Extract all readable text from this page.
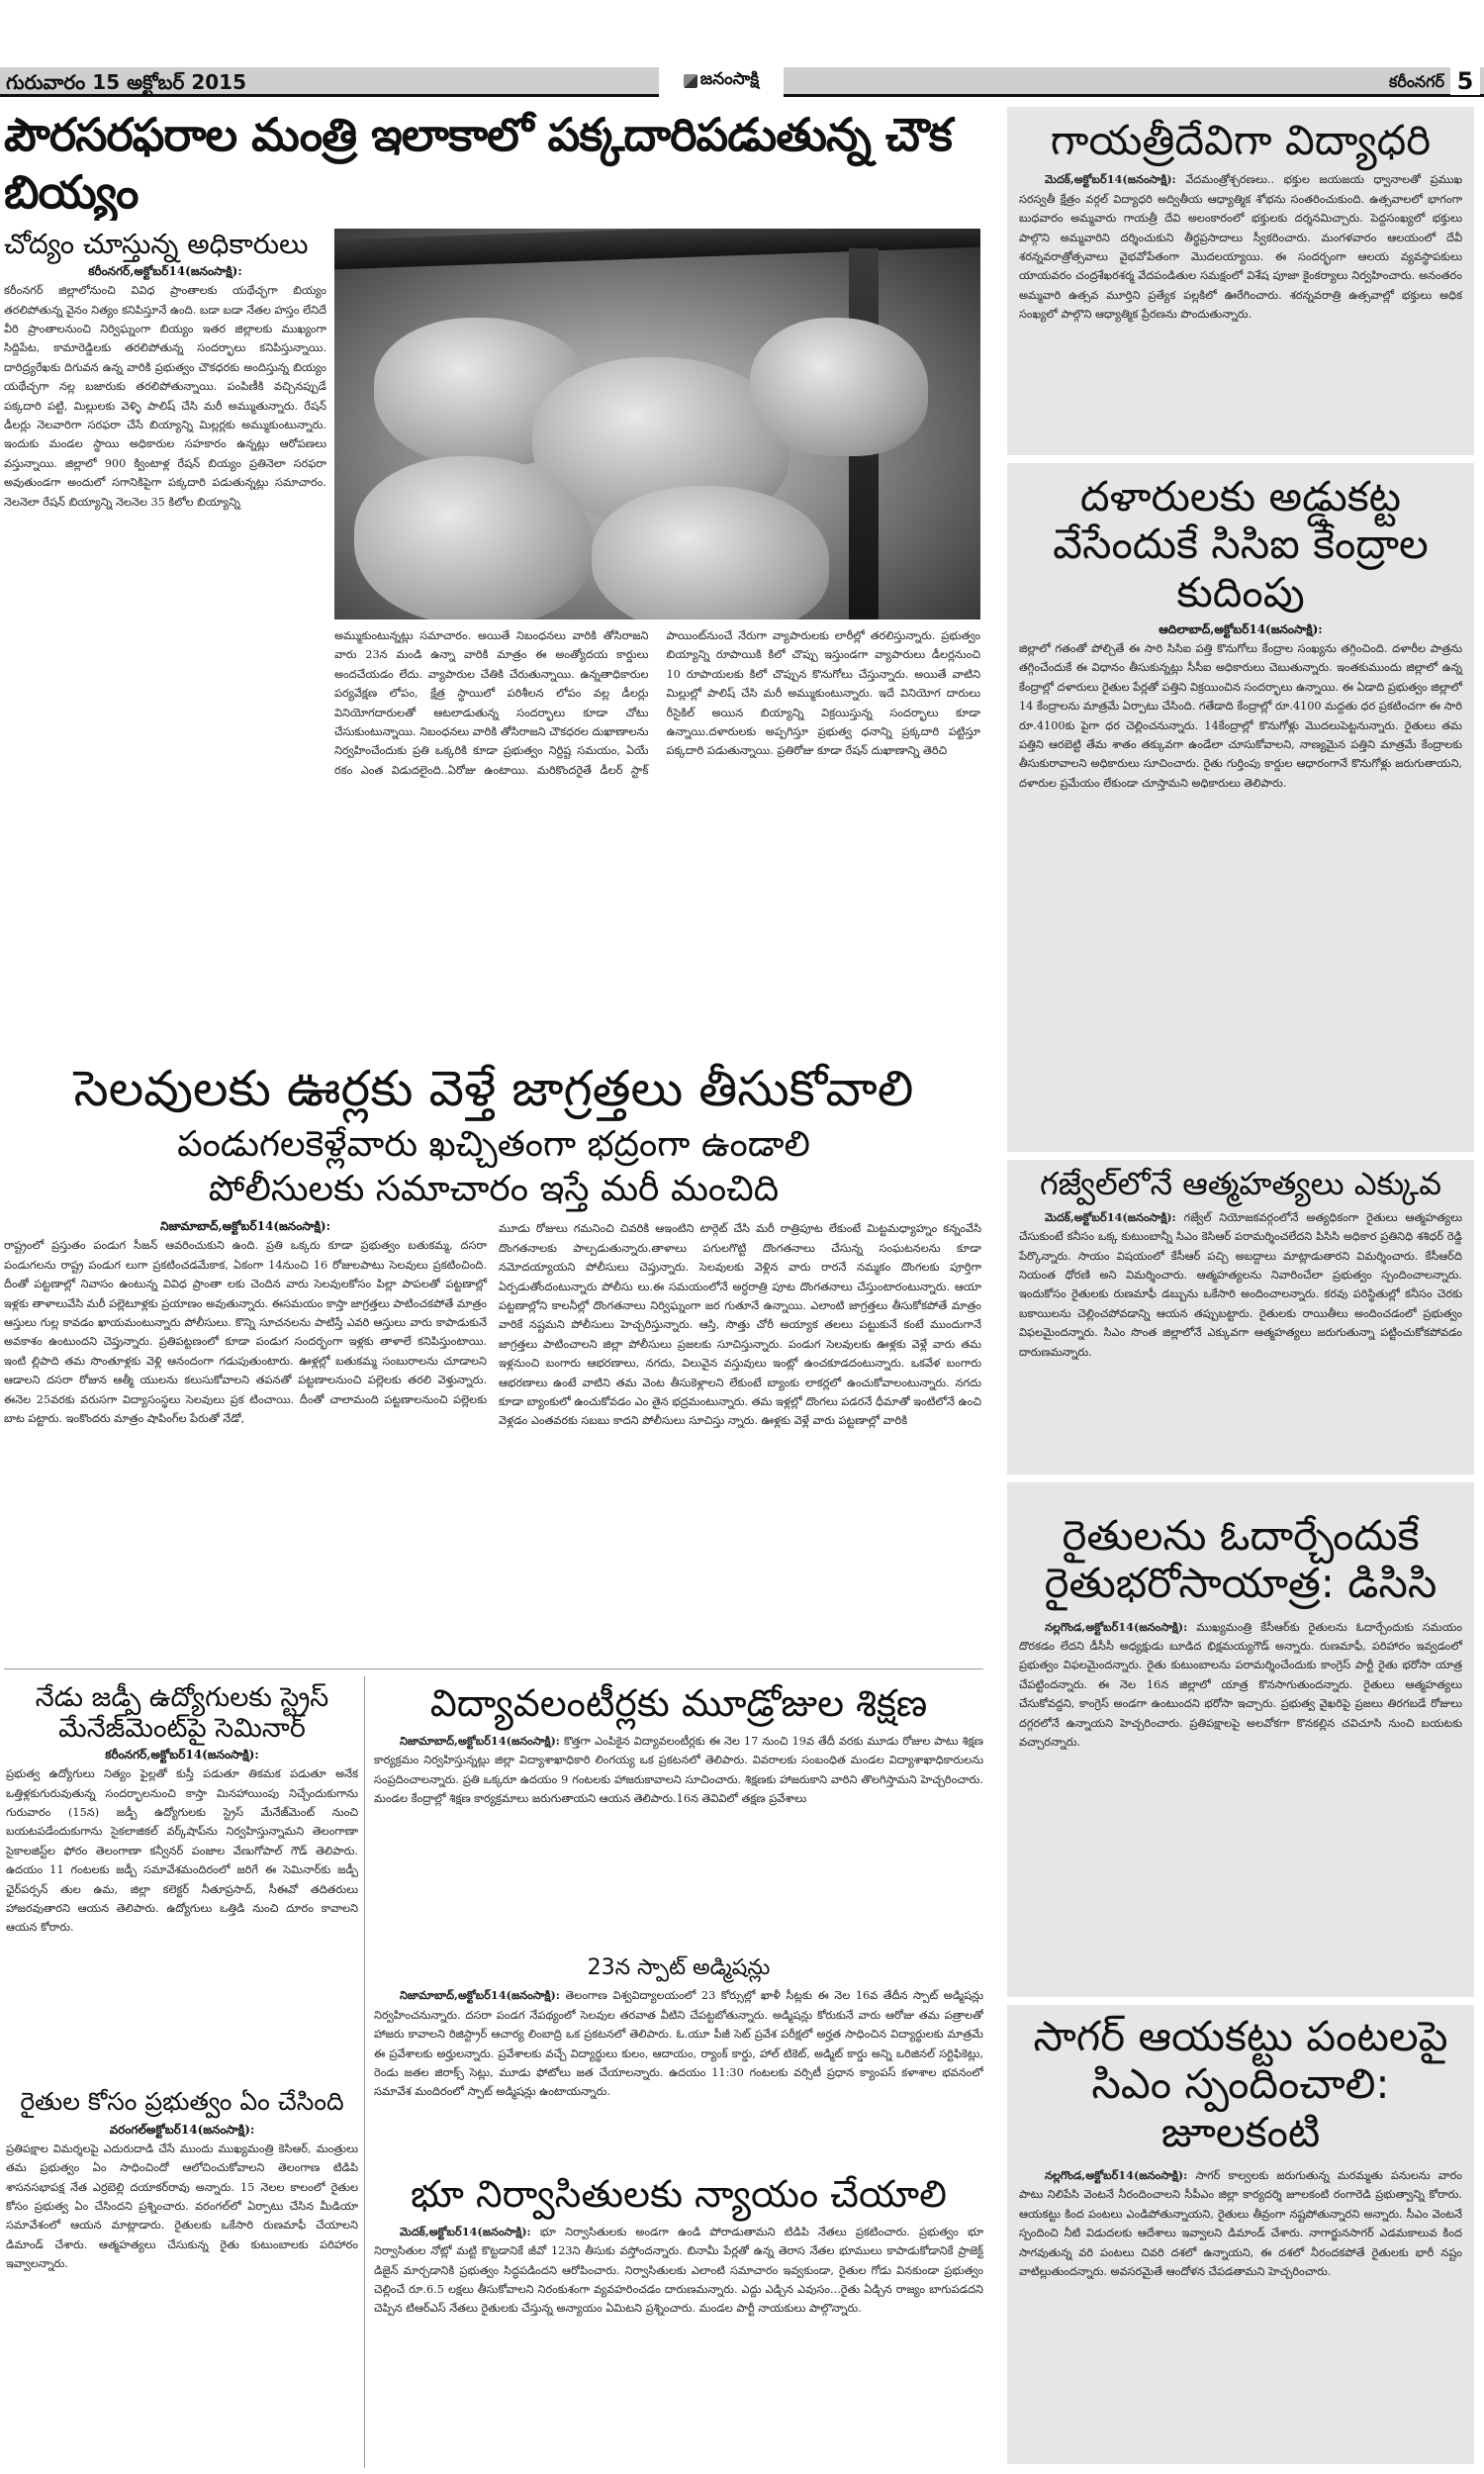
గురువారం 15 అక్టోబర్ 2015	జనంసాక్షి	కరీంనగర్ 5
పౌరసరఫరాల మంత్రి ఇలాకాలో పక్కదారిపడుతున్న చౌక బియ్యం
చోద్యం చూస్తున్న అధికారులు
కరీంనగర్,అక్టోబర్14(జనంసాక్షి):
కరీంనగర్ జిల్లాలోనుంచి వివిధ ప్రాంతాలకు యథేచ్ఛగా బియ్యం తరలిపోతున్న వైనం నిత్యం కనిపిస్తూనే ఉంది. బడా బడా నేతల హస్తం లేనిదే వీరి ప్రాంతాలనుంచి నిర్విఘ్నంగా బియ్యం ఇతర జిల్లాలకు ముఖ్యంగా సిద్దిపేట, కామారెడ్డిలకు తరలిపోతున్న సందర్భాలు కనిపిస్తున్నాయి. దారిద్ర్యరేఖకు దిగువన ఉన్న వారికి ప్రభుత్వం చౌకధరకు అందిస్తున్న బియ్యం యథేచ్ఛగా నల్ల బజారుకు తరలిపోతున్నాయి. పంపిణీకి వచ్చినప్పుడే పక్కదారి పట్టి, మిల్లులకు వెళ్ళి పాలిష్ చేసి మరీ అమ్ముతున్నారు. రేషన్ డీలర్లు నెలవారిగా సరఫరా చేసే బియ్యాన్ని మిల్లర్లకు అమ్ముకుంటున్నారు. ఇందుకు మండల స్థాయి అధికారుల సహకారం ఉన్నట్లు ఆరోపణలు వస్తున్నాయి. జిల్లాలో 900 క్వింటాళ్ల రేషన్ బియ్యం ప్రతినెలా సరఫరా అవుతుండగా అందులో సగానికిపైగా పక్కదారి పడుతున్నట్లు సమాచారం. నెలనెలా రేషన్ బియ్యాన్ని నెలనెల 35 కిలోల బియ్యాన్ని
అమ్ముకుంటున్నట్లు సమాచారం. అయితే నిబంధనలు వారికి తోసిరాజని వారు 23న మండి ఉన్నా వారికి మాత్రం ఈ అంత్యోదయ కార్డులు అందచేయడం లేదు. వ్యాపారుల చేతికి చేరుతున్నాయి. ఉన్నతాధికారుల పర్యవేక్షణ లోపం, క్షేత్ర స్థాయిలో పరిశీలన లోపం వల్ల డీలర్లు వినియోగదారులతో ఆటలాడుతున్న సందర్భాలు కూడా చోటు చేసుకుంటున్నాయి. నిబంధనలు వారికి తోసిరాజని చౌకధరల దుఖాణాలను నిర్వహించేందుకు ప్రతి ఒక్కరికి కూడా ప్రభుత్వం నిర్దిష్ట సమయం, ఏయే రకం ఎంత విడుదలైంది..ఏరోజు ఉంటాయి. మరికొందరైతే డీలర్ స్టాక్ పాయింట్‌నుంచే నేరుగా వ్యాపారులకు లారీల్లో తరలిస్తున్నారు. ప్రభుత్వం బియ్యాన్ని రూపాయికి కిలో చొప్పు ఇస్తుండగా వ్యాపారులు డీలర్లనుంచి 10 రూపాయలకు కిలో చొప్పున కొనుగోలు చేస్తున్నారు. అయితే వాటిని మిల్లుల్లో పాలిష్ చేసి మరీ అమ్ముకుంటున్నారు. ఇదే వినియోగ దారులు రీసైకిల్ అయిన బియ్యాన్ని విక్రయిస్తున్న సందర్భాలు కూడా ఉన్నాయి.దళారులకు అప్పగిస్తూ ప్రభుత్వ ధనాన్ని ప్రక్కదారి పట్టిస్తూ పక్కదారి పడుతున్నాయి. ప్రతిరోజు కూడా రేషన్ దుఖాణాన్ని తెరిచి
సెలవులకు ఊర్లకు వెళ్తే జాగ్రత్తలు తీసుకోవాలి
పండుగలకెళ్లేవారు ఖచ్చితంగా భద్రంగా ఉండాలి
పోలీసులకు సమాచారం ఇస్తే మరీ మంచిది
నిజామాబాద్,అక్టోబర్14(జనంసాక్షి):
రాష్ట్రంలో ప్రస్తుతం పండుగ సీజన్ ఆవరించుకుని ఉంది. ప్రతి ఒక్కరు కూడా ప్రభుత్వం బతుకమ్మ, దసరా పండుగలను రాష్ట్ర పండుగ లుగా ప్రకటించడమేకాక, ఏకంగా 14నుంచి 16 రోజులపాటు సెలవులు ప్రకటించింది. దీంతో పట్టణాల్లో నివాసం ఉంటున్న వివిధ ప్రాంతా లకు చెందిన వారు సెలవులకోసం పిల్లా పాపలతో పట్టణాల్లో ఇళ్లకు తాళాలువేసి మరీ పల్లెటూళ్లకు ప్రయాణం అవుతున్నారు. ఈసమయం కాస్తా జాగ్రత్తలు పాటించకపోతే మాత్రం ఆస్తులు గుల్ల కావడం ఖాయమంటున్నారు పోలీసులు. కొన్ని సూచనలను పాటిస్తే ఎవరి ఆస్తులు వారు కాపాడుకునే అవకాశం ఉంటుందని చెప్తున్నారు. ప్రతిపట్టణంలో కూడా పండుగ సందర్భంగా ఇళ్లకు తాళాలే కనిపిస్తుంటాయి. ఇంటి ల్లిపాది తమ సొంతూళ్లకు వెళ్లి ఆనందంగా గడుపుతుంటారు. ఊళ్లల్లో బతుకమ్మ సంబురాలను చూడాలని ఆడాలని దసరా రోజున ఆత్మీ యులను కలుసుకోవాలని తపనతో పట్టణాలనుంచి పల్లెలకు తరలి వెళ్తున్నారు. ఈనెల 25వరకు వరుసగా విద్యాసంస్థలు సెలవులు ప్రక టించాయి. దీంతో చాలామంది పట్టణాలనుంచి పల్లెలకు బాట పట్టారు. ఇంకొందరు మాత్రం షాపింగ్‌ల పేరుతో నేడో,
మూడు రోజులు గమనించి చివరికి ఆఇంటిని టార్గెట్ చేసి మరీ రాత్రిపూట లేకుంటే మిట్టమధ్యాహ్నం కన్నంవేసి దొంగతనాలకు పాల్పడుతున్నారు.తాళాలు పగులగొట్టి దొంగతనాలు చేసున్న సంఘటనలను కూడా నమోదయ్యాయని పోలీసులు చెప్తున్నారు. సెలవులకు వెళ్లిన వారు రారనే నమ్మకం దొంగలకు పూర్తిగా ఏర్పడుతోందంటున్నారు పోలీసు లు.ఈ సమయంలోనే అర్ధరాత్రి పూట దొంగతనాలు చేస్తుంటారంటున్నారు. ఆయా పట్టణాల్లోని కాలనీల్లో దొంగతనాలు నిర్విఘ్నంగా జర గుతూనే ఉన్నాయి. ఎలాంటి జాగ్రత్తలు తీసుకోకపోతే మాత్రం వారికే నష్టమని పోలీసులు హెచ్చరిస్తున్నారు. ఆస్తి, సొత్తు చోరీ అయ్యాక తలలు పట్టుకునే కంటే ముందుగానే జాగ్రత్తలు పాటించాలని జిల్లా పోలీసులు ప్రజలకు సూచిస్తున్నారు. పండుగ సెలవులకు ఊళ్లకు వెళ్లే వారు తమ ఇళ్లనుంచి బంగారు ఆభరణాలు, నగదు, విలువైన వస్తువులు ఇంట్లో ఉంచకూడదంటున్నారు. ఒకవేళ బంగారు ఆభరణాలు ఉంటే వాటిని తమ వెంట తీసుకెళ్లాలని లేకుంటే బ్యాంకు లాకర్లలో ఉంచుకోవాలంటున్నారు. నగదు కూడా బ్యాంకులో ఉంచుకోవడం ఎం తైన భద్రమంటున్నారు. తమ ఇళ్లల్లో దొంగలు పడరనే ధీమాతో ఇంటిలోనే ఉంచి వెళ్లడం ఎంతవరకు సబబు కాదని పోలీసులు సూచిస్తు న్నారు. ఊళ్లకు వెళ్లే వారు పట్టణాల్లో వారికి
నేడు జడ్పీ ఉద్యోగులకు స్ట్రెస్ మేనేజ్‌మెంట్‌పై సెమినార్
కరీంనగర్,అక్టోబర్14(జనంసాక్షి):
ప్రభుత్వ ఉద్యోగులు నిత్యం ఫైల్లతో కుస్తీ పడుతూ తికమక పడుతూ అనేక ఒత్తిళ్లకుగురువుతున్న సందర్భాలనుంచి కాస్తా మినహాయింపు నిచ్చేందుకుగాను గురువారం (15న) జడ్పీ ఉద్యోగులకు స్ట్రెస్ మేనేజ్‌మెంట్ నుంచి బయటపడేందుకుగాను సైకలాజికల్ వర్క్‌షాప్‌ను నిర్వహిస్తున్నామని తెలంగాణా సైకాలజిస్ట్‌ల ఫోరం తెలంగాణా కన్వీనర్ పంజాల వేణుగోపాల్ గౌడ్ తెలిపారు. ఉదయం 11 గంటలకు జడ్పీ సమావేశమందిరంలో జరిగే ఈ సెమినార్‌కు జడ్పీ ఛైర్‌పర్సన్ తుల ఉమ, జిల్లా కలెక్టర్ నీతూప్రసాద్, సీఈవో తదితరులు హాజరవుతారని ఆయన తెలిపారు. ఉద్యోగులు ఒత్తిడి నుంచి దూరం కావాలని ఆయన కోరారు.
రైతుల కోసం ప్రభుత్వం ఏం చేసింది
వరంగల్‌అక్టోబర్14(జనంసాక్షి):
ప్రతిపక్షాల విమర్శలపై ఎదురుదాడి చేసే ముందు ముఖ్యమంత్రి కెసిఆర్, మంత్రులు తమ ప్రభుత్వం ఏం సాధించిందో ఆలోచించుకోవాలని తెలంగాణ టిడిపి శాసనసభాపక్ష నేత ఎర్రబెల్లి దయాకర్‌రావు అన్నారు. 15 నెలల కాలంలో రైతుల కోసం ప్రభుత్వ ఏం చేసిందని ప్రశ్నించారు. వరంగల్‌లో ఏర్పాటు చేసిన మీడియా సమావేశంలో ఆయన మాట్లాడారు. రైతులకు ఒకేసారి రుణమాఫీ చేయాలని డిమాండ్ చేశారు. ఆత్మహత్యలు చేసుకున్న రైతు కుటుంబాలకు పరిహారం ఇవ్వాలన్నారు.
విద్యావలంటీర్లకు మూడ్రోజుల శిక్షణ
నిజామాబాద్,అక్టోబర్14(జనంసాక్షి): కొత్తగా ఎంపికైన విద్యావలంటీర్లకు ఈ నెల 17 నుంచి 19వ తేదీ వరకు మూడు రోజుల పాటు శిక్షణ కార్యక్రమం నిర్వహిస్తున్నట్లు జిల్లా విద్యాశాఖాధికారి లింగయ్య ఒక ప్రకటనలో తెలిపారు. వివరాలకు సంబంధిత మండల విద్యాశాఖాధికారులను సంప్రదించాలన్నారు. ప్రతి ఒక్కరూ ఉదయం 9 గంటలకు హాజరుకావాలని సూచించారు. శిక్షణకు హాజరుకాని వారిని తొలగిస్తామని హెచ్చరించారు. మండల కేంద్రాల్లో శిక్షణ కార్యక్రమాలు జరుగుతాయని ఆయన తెలిపారు.16న తెవివిలో తక్షణ ప్రవేశాలు
23న స్పాట్ అడ్మిషన్లు
నిజామాబాద్,అక్టోబర్14(జనంసాక్షి): తెలంగాణ విశ్వవిద్యాలయంలో 23 కోర్సుల్లో ఖాళీ సీట్లకు ఈ నెల 16వ తేదీన స్పాట్ అడ్మిషన్లు నిర్వహించనున్నారు. దసరా పండగ నేపథ్యంలో సెలవుల తరవాత వీటిని చేపట్టబోతున్నారు. అడ్మిషన్లు కోరుకునే వారు ఆరోజు తమ పత్రాలతో హాజరు కావాలని రిజిస్ట్రార్ ఆచార్య లింబాద్రి ఒక ప్రకటనలో తెలిపారు. ఓ.యూ పీజీ సెట్ ప్రవేశ పరీక్షలో అర్హత సాధించిన విద్యార్థులకు మాత్రమే ఈ ప్రవేశాలకు అర్హులన్నారు. ప్రవేశాలకు వచ్చే విద్యార్థులు కులం, ఆదాయం, ర్యాంక్ కార్డు, హాల్ టికెట్, అడ్మిట్ కార్డు అన్ని ఒరిజినల్ సర్టిఫికెట్లు, రెండు జతల జిరాక్స్ సెట్లు, మూడు ఫోటోలు జత చేయాలన్నారు. ఉదయం 11:30 గంటలకు వర్సిటీ ప్రధాన క్యాంపస్ కళాశాల భవనంలో సమావేశ మందిరంలో స్పాట్ అడ్మిషన్లు ఉంటాయన్నారు.
భూ నిర్వాసితులకు న్యాయం చేయాలి
మెదక్,అక్టోబర్14(జనంసాక్షి): భూ నిర్వాసితులకు అండగా ఉండి పోరాడుతామని టిడిపి నేతలు ప్రకటించారు. ప్రభుత్వం భూ నిర్వాసితుల నోట్లో మట్టి కొట్టడానికే జీవో 123ని తీసుకు వస్తోందన్నారు. బినామీ పేర్లతో ఉన్న తెరాస నేతల భూములు కాపాడుకోడానికే ప్రాజెక్ట్ డిజైన్ మార్చడానికి ప్రభుత్వం సిద్ధపడిందని ఆరోపించారు. నిర్వాసితులకు ఎలాంటి సమాచారం ఇవ్వకుండా, రైతుల గోడు వినకుండా ప్రభుత్వం చెల్లించే రూ.6.5 లక్షలు తీసుకోవాలని నిరంకుశంగా వ్యవహరించడం దారుణమన్నారు. ఎద్దు ఎడ్చిన ఎవుసం...రైతు ఏడ్చిన రాజ్యం బాగుపడదని చెప్పిన టిఆర్ఎస్ నేతలు రైతులకు చేస్తున్న అన్యాయం ఏమిటని ప్రశ్నించారు. మండల పార్టీ నాయకులు పాల్గొన్నారు.
గాయత్రీదేవిగా విద్యాధరి
మెదక్,అక్టోబర్14(జనంసాక్షి): వేదమంత్రోశ్చరణలు.. భక్తుల జయజయ ధ్వానాలతో ప్రముఖ సరస్వతీ క్షేత్రం వర్గల్ విద్యాధరి అద్వితీయ ఆధ్యాత్మిక శోభను సంతరించుకుంది. ఉత్సవాలలో భాగంగా బుధవారం అమ్మవారు గాయత్రీ దేవి అలంకారంలో భక్తులకు దర్శనమిచ్చారు. పెద్దసంఖ్యలో భక్తులు పాల్గొని అమ్మవారిని దర్శించుకుని తీర్థప్రసాదాలు స్వీకరించారు. మంగళవారం ఆలయంలో దేవీ శరన్నవరాత్రోత్సవాలు వైభవోపేతంగా మొదలయ్యాయి. ఈ సందర్భంగా ఆలయ వ్యవస్థాపకులు యాయవరం చంద్రశేఖరశర్మ వేదపండితుల సమక్షంలో విశేష పూజా కైంకర్యాలు నిర్వహించారు. అనంతరం అమ్మవారి ఉత్సవ మూర్తిని ప్రత్యేక పల్లకిలో ఊరేగించారు. శరన్నవరాత్రి ఉత్సవాల్లో భక్తులు అధిక సంఖ్యలో పాల్గొని ఆధ్యాత్మిక ప్రేరణను పొందుతున్నారు.
దళారులకు అడ్డుకట్ట వేసేందుకే సిసిఐ కేంద్రాల కుదింపు
ఆదిలాబాద్,అక్టోబర్14(జనంసాక్షి):
జిల్లాలో గతంతో పోల్చితే ఈ సారి సిసిఐ పత్తి కొనుగోలు కేంద్రాల సంఖ్యను తగ్గించింది. దళారీల పాత్రను తగ్గించేందుకే ఈ విధానం తీసుకున్నట్లు సీసీఐ అధికారులు చెబుతున్నారు. ఇంతకుముందు జిల్లాలో ఉన్న కేంద్రాల్లో దళారులు రైతుల పేర్లతో పత్తిని విక్రయించిన సందర్భాలు ఉన్నాయి. ఈ ఏడాది ప్రభుత్వం జిల్లాలో 14 కేంద్రాలను మాత్రమే ఏర్పాటు చేసింది. గతేడాది కేంద్రాల్లో రూ.4100 మద్దతు ధర ప్రకటించగా ఈ సారి రూ.4100కు పైగా ధర చెల్లించనున్నారు. 14కేంద్రాల్లో కొనుగోళ్లు మొదలుపెట్టనున్నారు. రైతులు తమ పత్తిని ఆరబెట్టి తేమ శాతం తక్కువగా ఉండేలా చూసుకోవాలని, నాణ్యమైన పత్తిని మాత్రమే కేంద్రాలకు తీసుకురావాలని అధికారులు సూచించారు. రైతు గుర్తింపు కార్డుల ఆధారంగానే కొనుగోళ్లు జరుగుతాయని, దళారుల ప్రమేయం లేకుండా చూస్తామని అధికారులు తెలిపారు.
గజ్వేల్‌లోనే ఆత్మహత్యలు ఎక్కువ
మెదక్,అక్టోబర్14(జనంసాక్షి): గజ్వేల్ నియోజకవర్గంలోనే అత్యధికంగా రైతులు ఆత్మహత్యలు చేసుకుంటే కనీసం ఒక్క కుటుంబాన్నీ సిఎం కెసిఆర్ పరామర్శించలేదని పిసిసి అధికార ప్రతినిధి శశిధర్ రెడ్డి పేర్కొన్నారు. సాయం విషయంలో కేసీఆర్ పచ్చి అబద్దాలు మాట్లాడుతారని విమర్శించారు. కేసీఆర్‌ది నియంత ధోరణి అని విమర్శించారు. ఆత్మహత్యలను నివారించేలా ప్రభుత్వం స్పందించాలన్నారు. ఇందుకోసం రైతులకు రుణమాఫీ డబ్బును ఒకేసారి అందించాలన్నారు. కరవు పరిస్థితుల్లో కనీసం చెరకు బకాయిలను చెల్లించపోవడాన్ని ఆయన తప్పుబట్టారు. రైతులకు రాయితీలు అందించడంలో ప్రభుత్వం విఫలమైందన్నారు. సిఎం సొంత జిల్లాలోనే ఎక్కువగా ఆత్మహత్యలు జరుగుతున్నా పట్టించుకోకపోవడం దారుణమన్నారు.
రైతులను ఓదార్చేందుకే రైతుభరోసాయాత్ర: డిసిసి
నల్లగొండ,అక్టోబర్14(జనంసాక్షి): ముఖ్యమంత్రి కేసీఆర్‌కు రైతులను ఓదార్చేందుకు సమయం దొరకడం లేదని డీసీసీ అధ్యక్షుడు బూడిద భిక్షమయ్యగౌడ్ అన్నారు. రుణమాఫీ, పరిహారం ఇవ్వడంలో ప్రభుత్వం విఫలమైందన్నారు. రైతు కుటుంబాలను పరామర్శించేందుకు కాంగ్రెస్ పార్టీ రైతు భరోసా యాత్ర చేపట్టిందన్నారు. ఈ నెల 16న జిల్లాలో యాత్ర కొనసాగుతుందన్నారు. రైతులు ఆత్మహత్యలు చేసుకోవద్దని, కాంగ్రెస్ అండగా ఉంటుందని భరోసా ఇచ్చారు. ప్రభుత్వ వైఖరిపై ప్రజలు తిరగబడే రోజులు దగ్గరలోనే ఉన్నాయని హెచ్చరించారు. ప్రతిపక్షాలపై అలవోకగా కొనకల్లిన చవిచూసి నుంచి బయటకు వచ్చారన్నారు.
సాగర్ ఆయకట్టు పంటలపై సిఎం స్పందించాలి: జూలకంటి
నల్లగొండ,అక్టోబర్14(జనంసాక్షి): సాగర్ కాల్వలకు జరుగుతున్న మరమ్మతు పనులను వారం పాటు నిలిపేసి వెంటనే నీరందించాలని సీపీఎం జిల్లా కార్యదర్శి జూలకంటి రంగారెడి ప్రభుత్వాన్ని కోరారు. ఆయకట్టు కింద పంటలు ఎండిపోతున్నాయని, రైతులు తీవ్రంగా నష్టపోతున్నారని అన్నారు. సీఎం వెంటనే స్పందించి నీటి విడుదలకు ఆదేశాలు ఇవ్వాలని డిమాండ్ చేశారు. నాగార్జునసాగర్ ఎడమకాలువ కింద సాగవుతున్న వరి పంటలు చివరి దశలో ఉన్నాయని, ఈ దశలో నీరందకపోతే రైతులకు భారీ నష్టం వాటిల్లుతుందన్నారు. అవసరమైతే ఆందోళన చేపడతామని హెచ్చరించారు.
